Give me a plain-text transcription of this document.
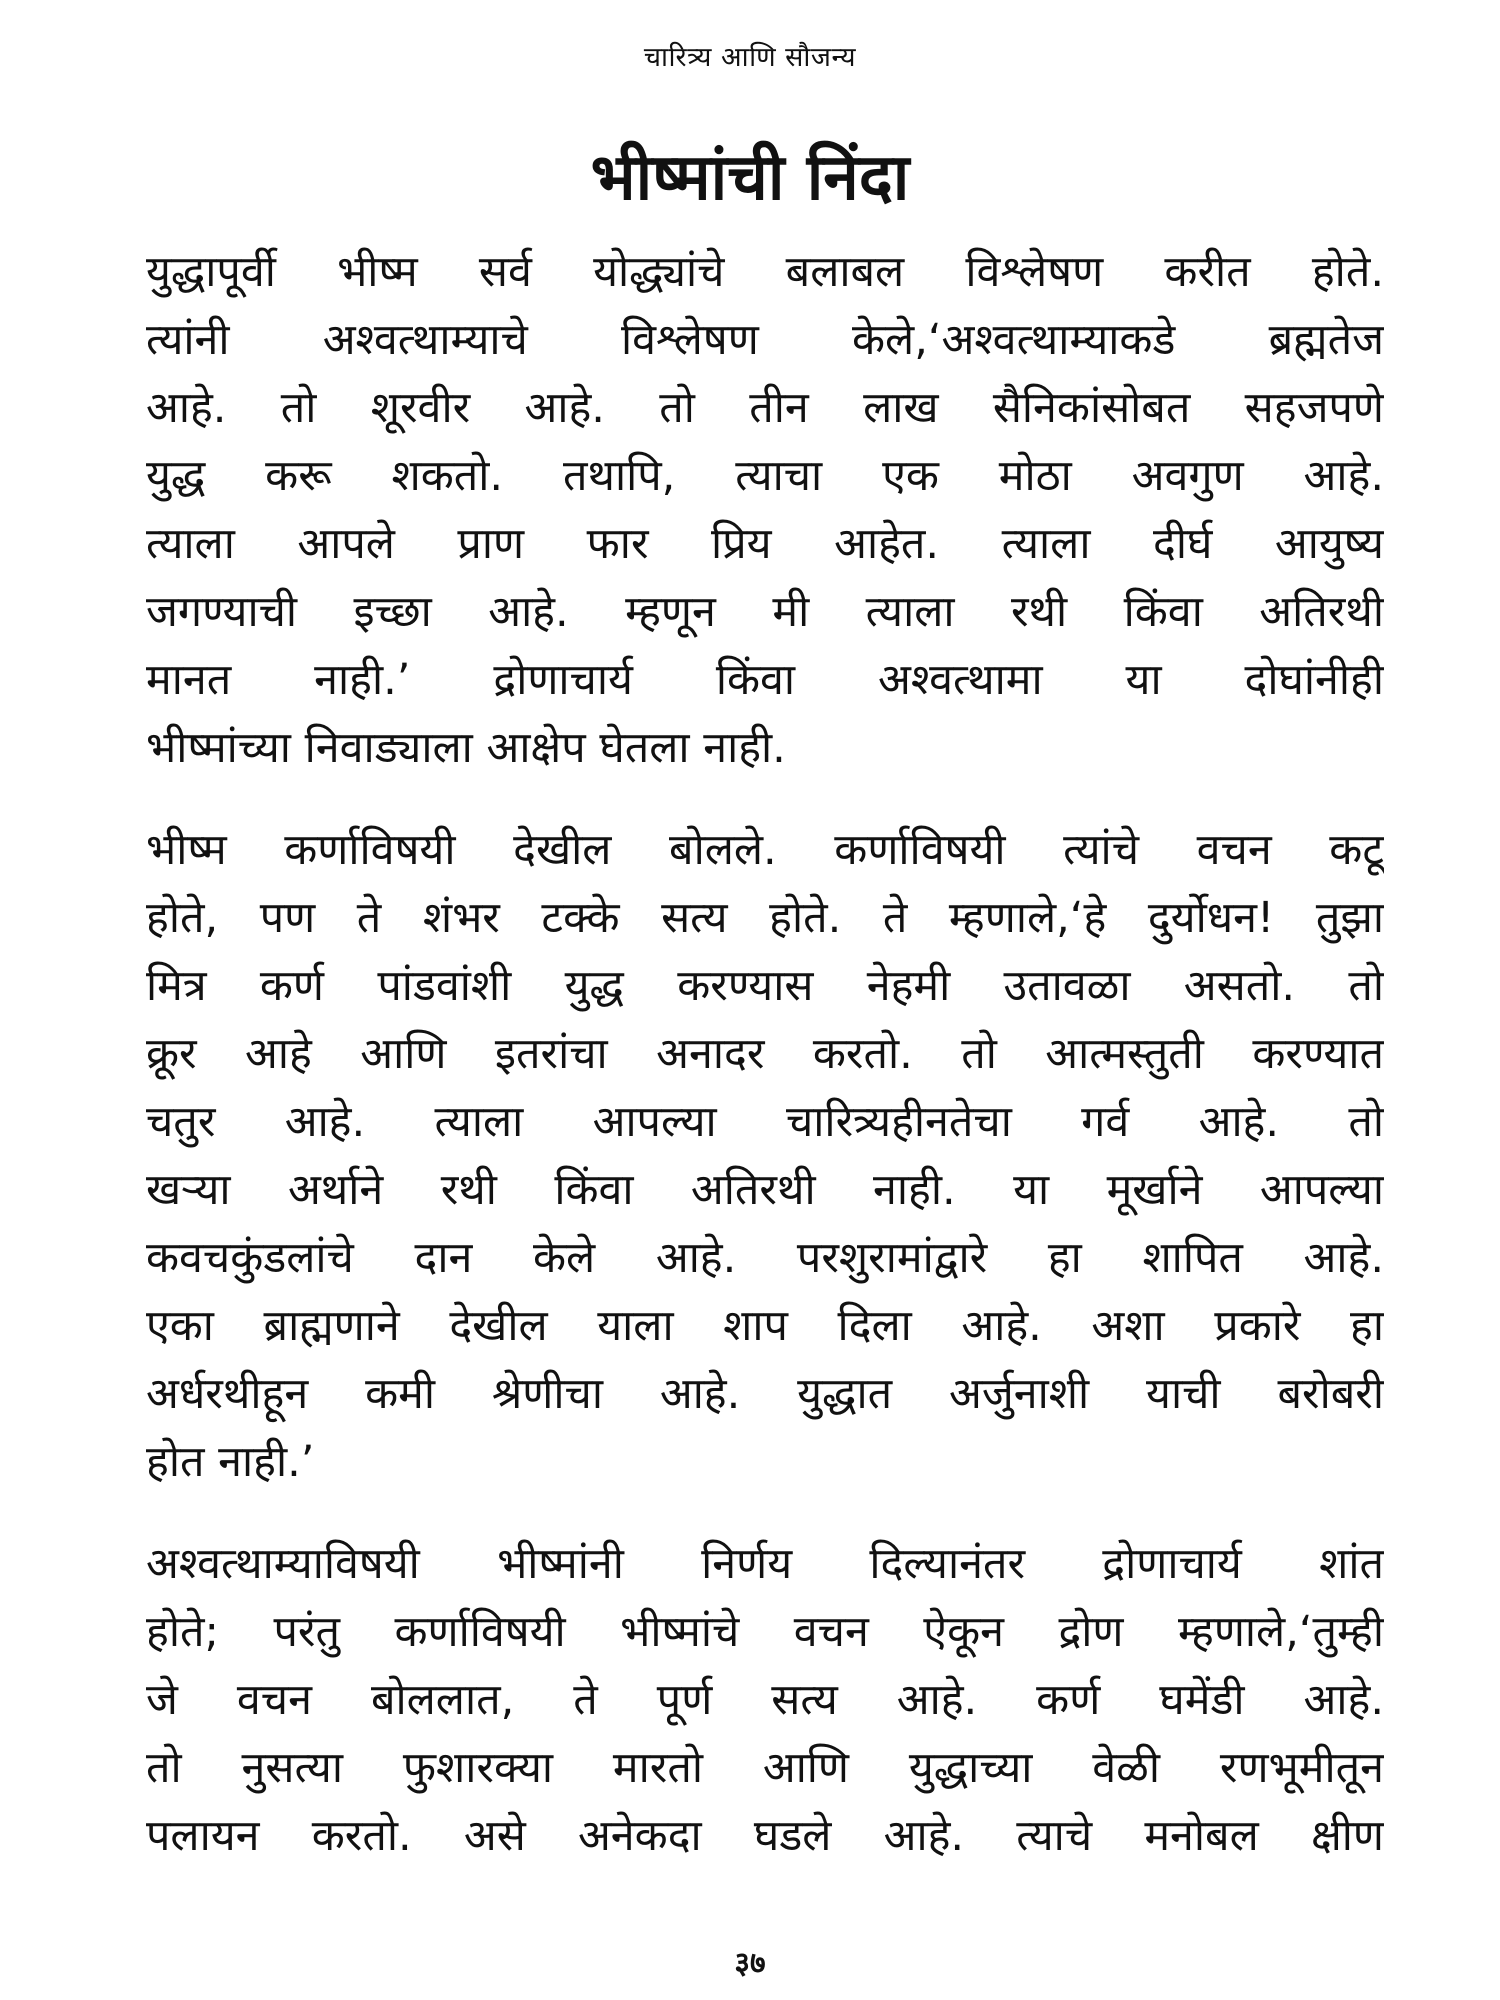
चारित्र्य आणि सौजन्य
भीष्मांची निंदा
युद्धापूर्वी भीष्म सर्व योद्ध्यांचे बलाबल विश्लेषण करीत होते.
त्यांनी अश्वत्थाम्याचे विश्लेषण केले,‘अश्वत्थाम्याकडे ब्रह्मतेज
आहे. तो शूरवीर आहे. तो तीन लाख सैनिकांसोबत सहजपणे
युद्ध करू शकतो. तथापि, त्याचा एक मोठा अवगुण आहे.
त्याला आपले प्राण फार प्रिय आहेत. त्याला दीर्घ आयुष्य
जगण्याची इच्छा आहे. म्हणून मी त्याला रथी किंवा अतिरथी
मानत नाही.’ द्रोणाचार्य किंवा अश्वत्थामा या दोघांनीही
भीष्मांच्या निवाड्याला आक्षेप घेतला नाही.
भीष्म कर्णाविषयी देखील बोलले. कर्णाविषयी त्यांचे वचन कटू
होते, पण ते शंभर टक्के सत्य होते. ते म्हणाले,‘हे दुर्योधन! तुझा
मित्र कर्ण पांडवांशी युद्ध करण्यास नेहमी उतावळा असतो. तो
क्रूर आहे आणि इतरांचा अनादर करतो. तो आत्मस्तुती करण्यात
चतुर आहे. त्याला आपल्या चारित्र्यहीनतेचा गर्व आहे. तो
खऱ्या अर्थाने रथी किंवा अतिरथी नाही. या मूर्खाने आपल्या
कवचकुंडलांचे दान केले आहे. परशुरामांद्वारे हा शापित आहे.
एका ब्राह्मणाने देखील याला शाप दिला आहे. अशा प्रकारे हा
अर्धरथीहून कमी श्रेणीचा आहे. युद्धात अर्जुनाशी याची बरोबरी
होत नाही.’
अश्वत्थाम्याविषयी भीष्मांनी निर्णय दिल्यानंतर द्रोणाचार्य शांत
होते; परंतु कर्णाविषयी भीष्मांचे वचन ऐकून द्रोण म्हणाले,‘तुम्ही
जे वचन बोललात, ते पूर्ण सत्य आहे. कर्ण घमेंडी आहे.
तो नुसत्या फुशारक्या मारतो आणि युद्धाच्या वेळी रणभूमीतून
पलायन करतो. असे अनेकदा घडले आहे. त्याचे मनोबल क्षीण
३७
